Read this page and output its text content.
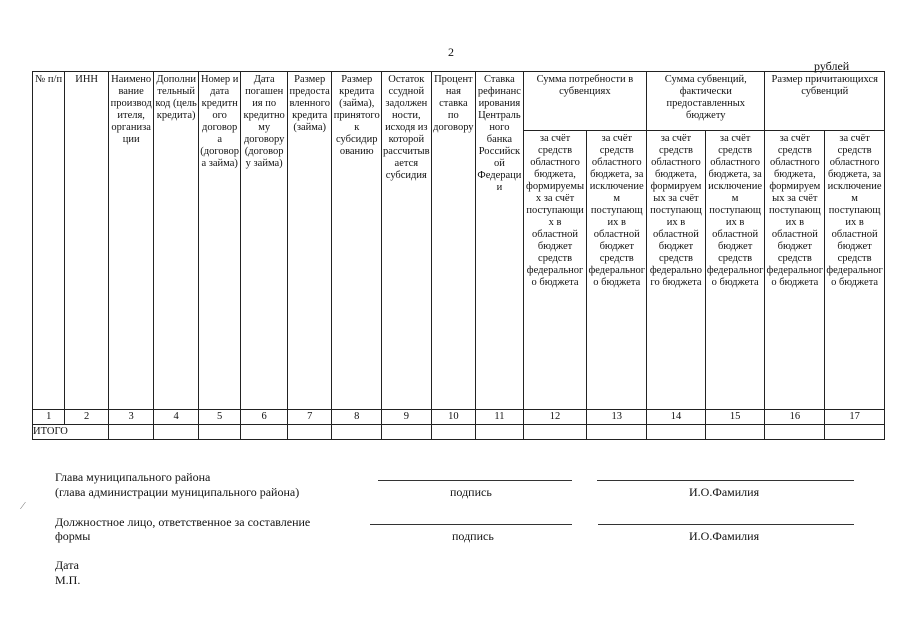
2
рублей
№ п/п	ИНН	Наименование производителя, организации	Дополнительный код (цель кредита)	Номер и дата кредитного договора (договора займа)	Дата погашения по кредитному договору (договору займа)	Размер предоставленного кредита (займа)	Размер кредита (займа), принятого к субсидированию	Остаток ссудной задолженности, исходя из которой рассчитывается субсидия	Процентная ставка по договору	Ставка рефинансирования Центрального банка Российской Федерации	Сумма потребности в субвенциях		Сумма субвенций, фактически предоставленных бюджету		Размер причитающихся субвенций	

											за счёт средств областного бюджета, формируемых за счёт поступающих в областной бюджет средств федерального бюджета	за счёт средств областного бюджета, за исключением поступающих в областной бюджет средств федерального бюджета	за счёт средств областного бюджета, формируемых за счёт поступающих в областной бюджет средств федерального бюджета	за счёт средств областного бюджета, за исключением поступающих в областной бюджет средств федерального бюджета	за счёт средств областного бюджета, формируемых за счёт поступающих в областной бюджет средств федерального бюджета	за счёт средств областного бюджета, за исключением поступающих в областной бюджет средств федерального бюджета

1	2	3	4	5	6	7	8	9	10	11	12	13	14	15	16	17
ИТОГО																
Глава муниципального района
(глава администрации муниципального района)	подпись	И.О.Фамилия
⁄
Должностное лицо, ответственное за составление
формы	подпись	И.О.Фамилия
Дата
М.П.
